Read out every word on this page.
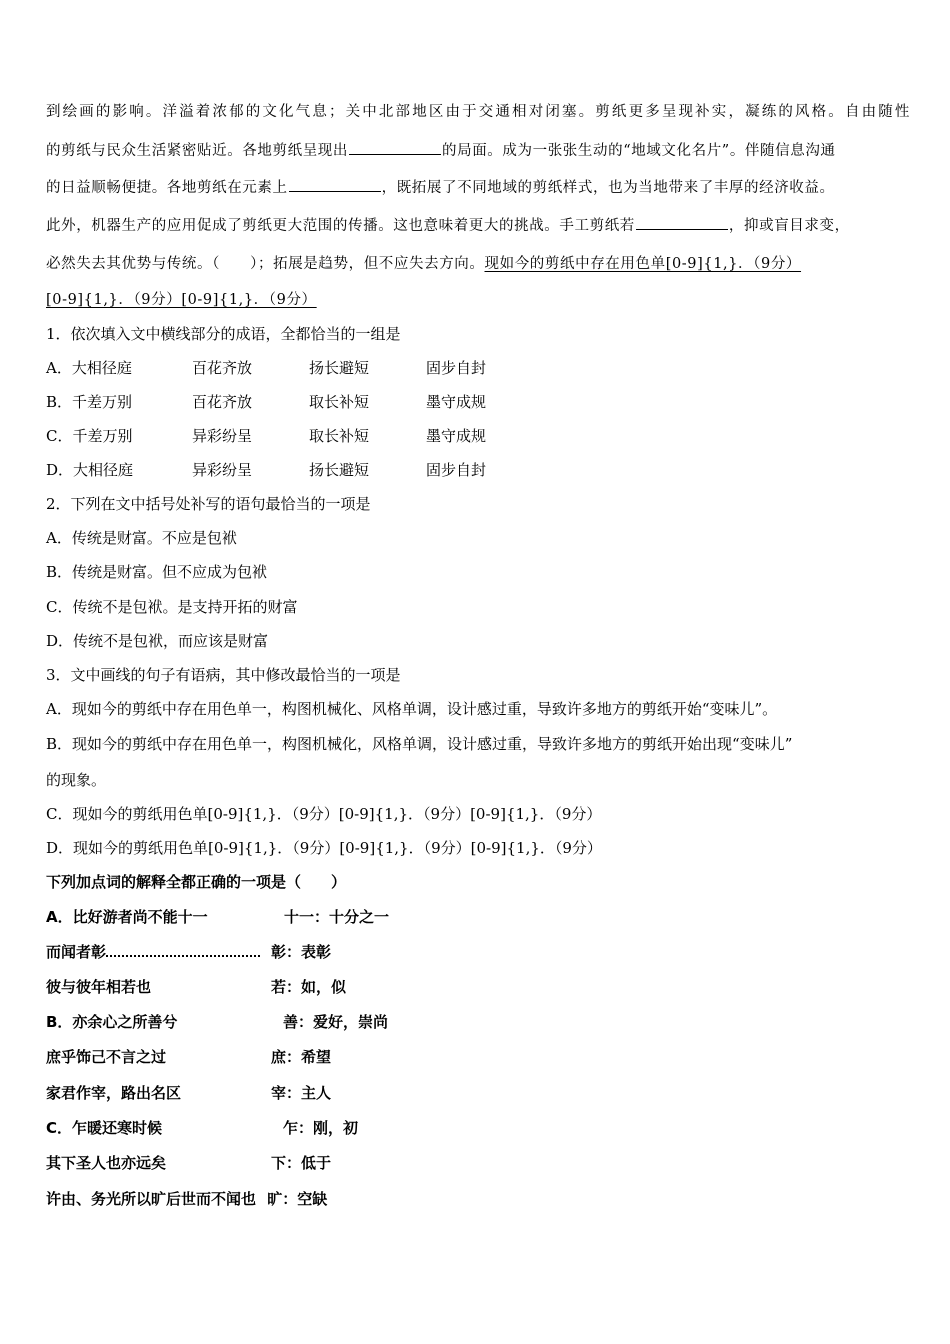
到绘画的影响。洋溢着浓郁的文化气息；关中北部地区由于交通相对闭塞。剪纸更多呈现补实，凝练的风格。自由随性
的剪纸与民众生活紧密贴近。各地剪纸呈现出	的局面。成为一张张生动的“地域文化名片”。伴随信息沟通
的日益顺畅便捷。各地剪纸在元素上	，既拓展了不同地域的剪纸样式，也为当地带来了丰厚的经济收益。
此外，机器生产的应用促成了剪纸更大范围的传播。这也意味着更大的挑战。手工剪纸若	，抑或盲目求变，
必然失去其优势与传统。（　　）；拓展是趋势，但不应失去方向。现如今的剪纸中存在用色单[0-9]{1,}．（9分）
[0-9]{1,}．（9分）[0-9]{1,}．（9分）
1．依次填入文中横线部分的成语，全都恰当的一组是
A．大相径庭	百花齐放	扬长避短	固步自封
B．千差万别	百花齐放	取长补短	墨守成规
C．千差万别	异彩纷呈	取长补短	墨守成规
D．大相径庭	异彩纷呈	扬长避短	固步自封
2．下列在文中括号处补写的语句最恰当的一项是
A．传统是财富。不应是包袱
B．传统是财富。但不应成为包袱
C．传统不是包袱。是支持开拓的财富
D．传统不是包袱，而应该是财富
3．文中画线的句子有语病，其中修改最恰当的一项是
A．现如今的剪纸中存在用色单一，构图机械化、风格单调，设计感过重，导致许多地方的剪纸开始“变味儿”。
B．现如今的剪纸中存在用色单一，构图机械化，风格单调，设计感过重，导致许多地方的剪纸开始出现“变味儿”
的现象。
C．现如今的剪纸用色单[0-9]{1,}．（9分）[0-9]{1,}．（9分）[0-9]{1,}．（9分）
D．现如今的剪纸用色单[0-9]{1,}．（9分）[0-9]{1,}．（9分）[0-9]{1,}．（9分）
下列加点词的解释全都正确的一项是（　　）
A．比好游者尚不能十一	十一：十分之一
而闻者彰	彰：表彰
彼与彼年相若也	若：如，似
B．亦余心之所善兮	善：爱好，崇尚
庶乎饰己不言之过	庶：希望
家君作宰，路出名区	宰：主人
C．乍暖还寒时候	乍：刚，初
其下圣人也亦远矣	下：低于
许由、务光所以旷后世而不闻也 旷：空缺
